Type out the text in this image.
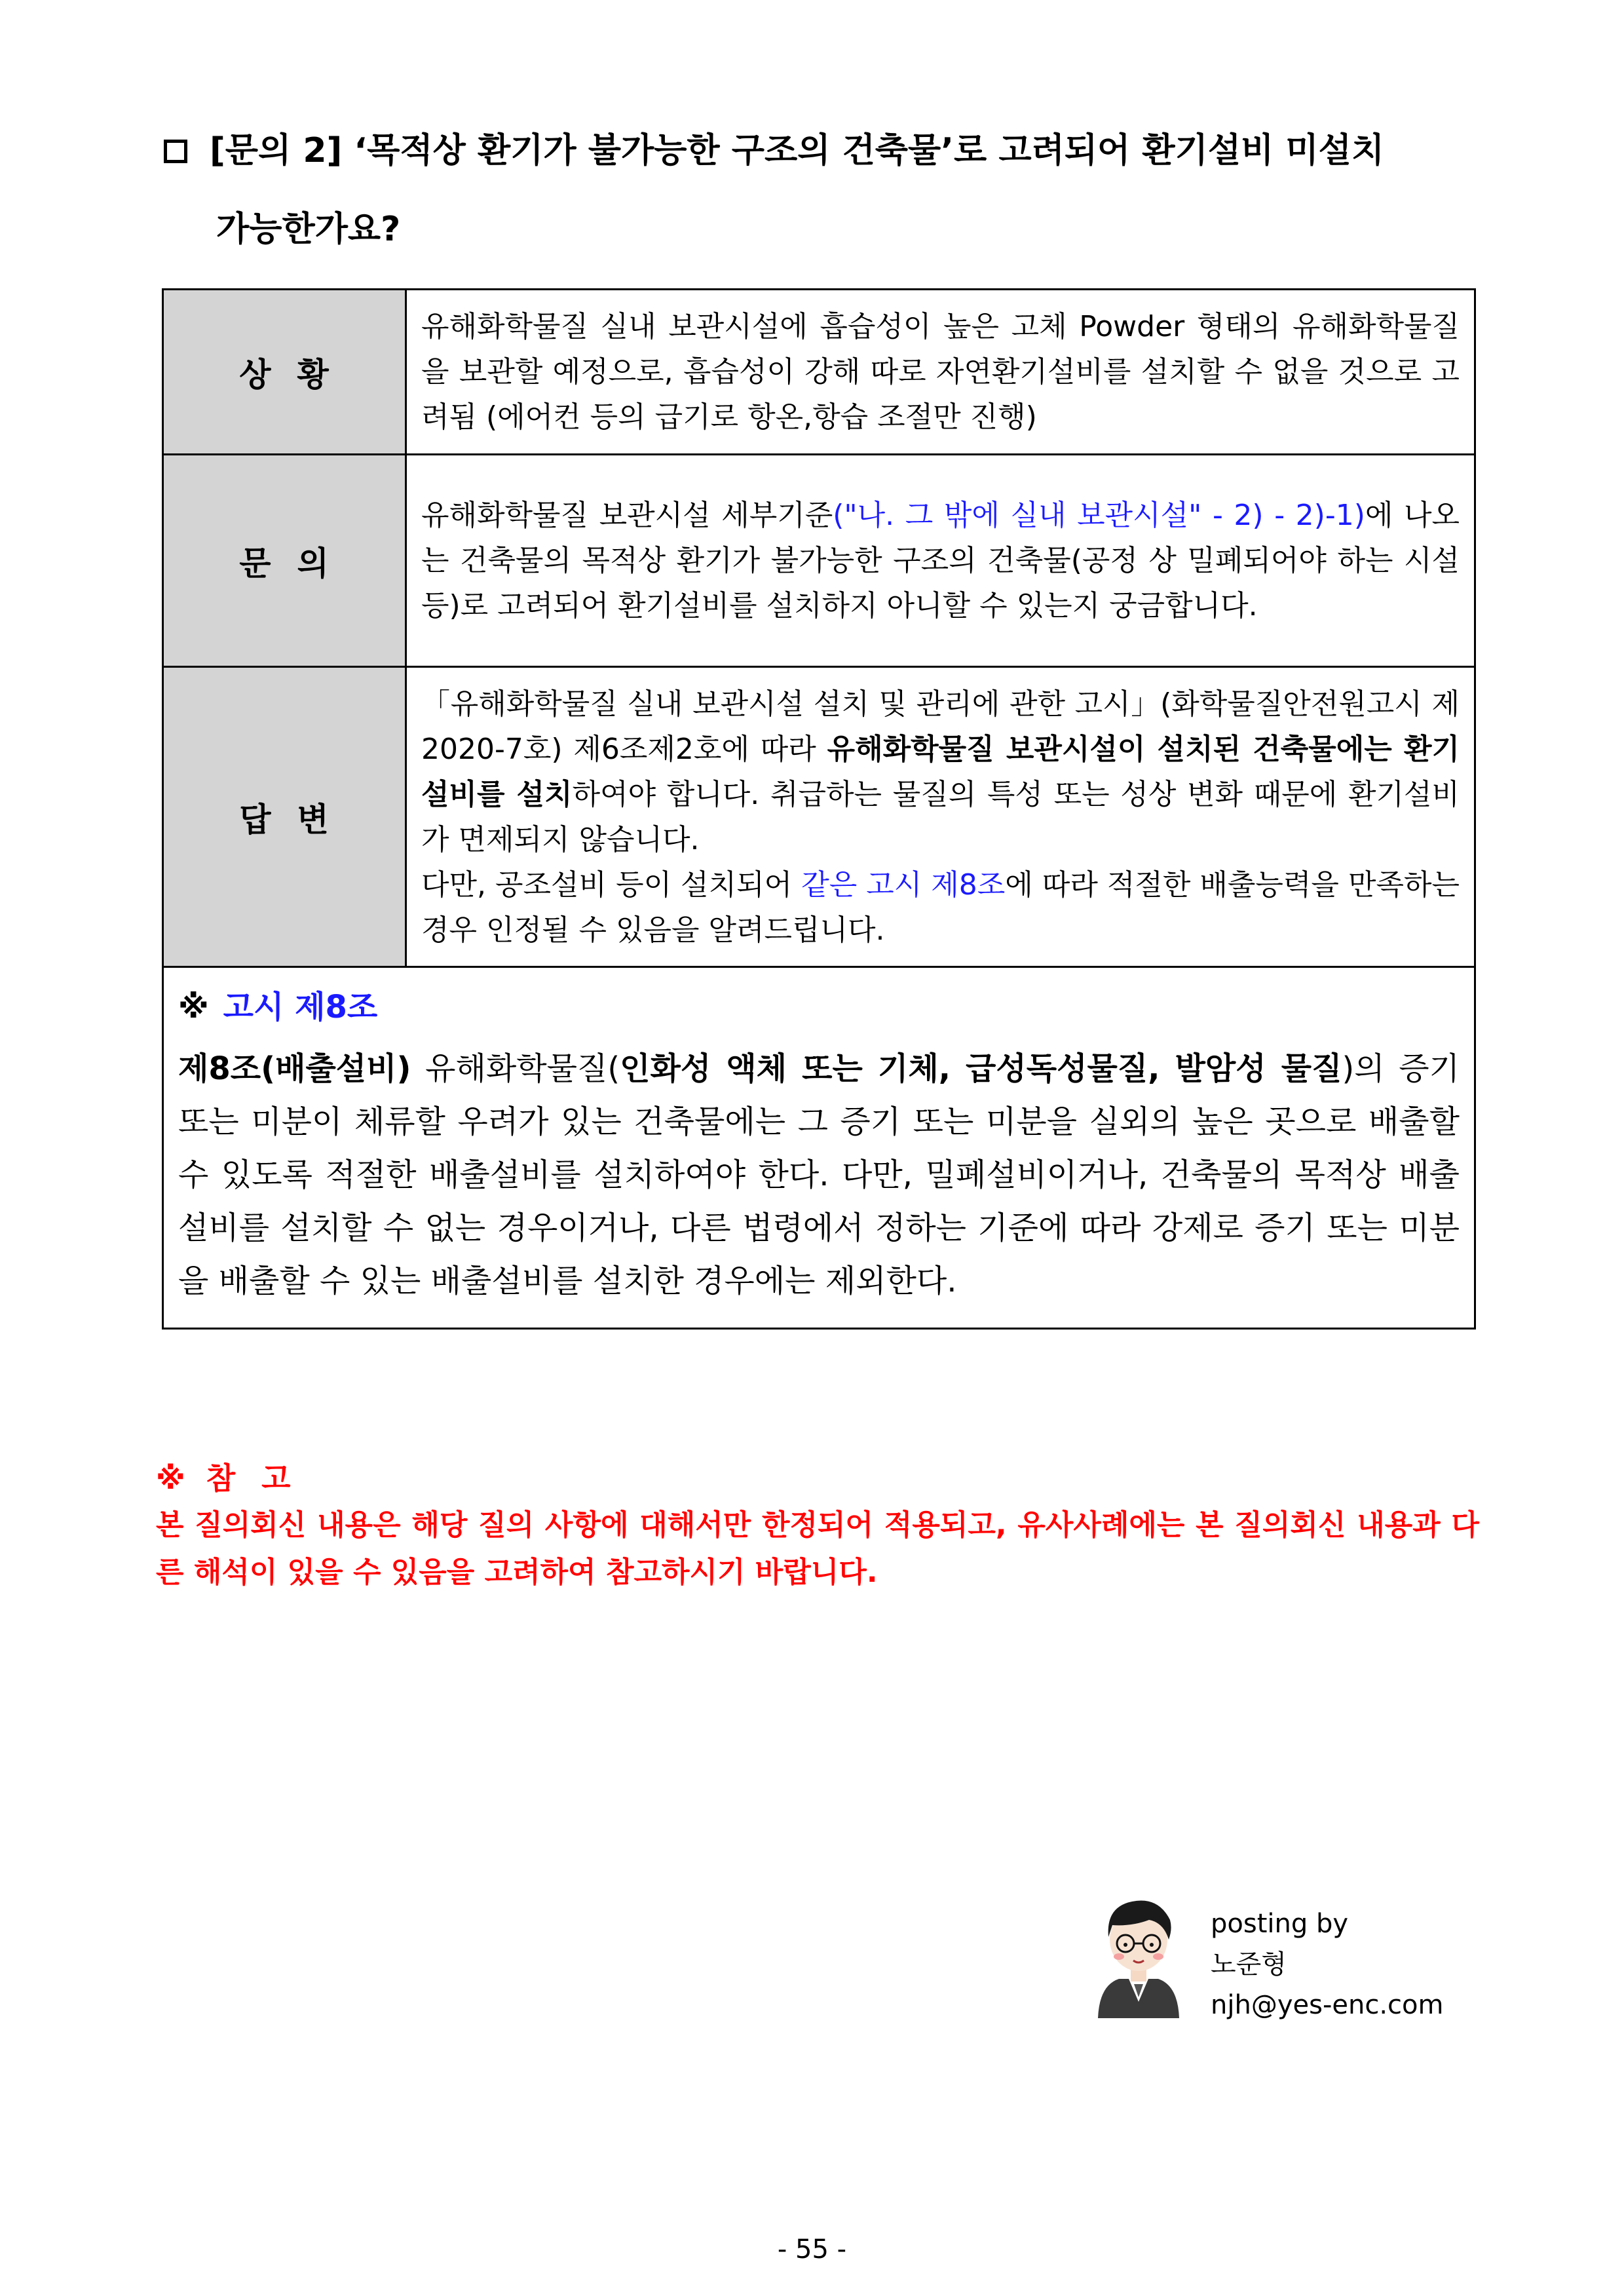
[문의 2] ‘목적상 환기가 불가능한 구조의 건축물’로 고려되어 환기설비 미설치
가능한가요?
상황	유해화학물질 실내 보관시설에 흡습성이 높은 고체 Powder 형태의 유해화학물질을 보관할 예정으로, 흡습성이 강해 따로 자연환기설비를 설치할 수 없을 것으로 고려됨 (에어컨 등의 급기로 항온,항습 조절만 진행)
문의	유해화학물질 보관시설 세부기준("나. 그 밖에 실내 보관시설" - 2) - 2)-1)에 나오는 건축물의 목적상 환기가 불가능한 구조의 건축물(공정 상 밀폐되어야 하는 시설 등)로 고려되어 환기설비를 설치하지 아니할 수 있는지 궁금합니다.
답변	「유해화학물질 실내 보관시설 설치 및 관리에 관한 고시」(화학물질안전원고시 제2020-7호) 제6조제2호에 따라 유해화학물질 보관시설이 설치된 건축물에는 환기설비를 설치하여야 합니다. 취급하는 물질의 특성 또는 성상 변화 때문에 환기설비가 면제되지 않습니다.
다만, 공조설비 등이 설치되어 같은 고시 제8조에 따라 적절한 배출능력을 만족하는 경우 인정될 수 있음을 알려드립니다.

※ 고시 제8조
제8조(배출설비) 유해화학물질(인화성 액체 또는 기체, 급성독성물질, 발암성 물질)의 증기 또는 미분이 체류할 우려가 있는 건축물에는 그 증기 또는 미분을 실외의 높은 곳으로 배출할 수 있도록 적절한 배출설비를 설치하여야 한다. 다만, 밀폐설비이거나, 건축물의 목적상 배출설비를 설치할 수 없는 경우이거나, 다른 법령에서 정하는 기준에 따라 강제로 증기 또는 미분을 배출할 수 있는 배출설비를 설치한 경우에는 제외한다.	
※ 참고
본 질의회신 내용은 해당 질의 사항에 대해서만 한정되어 적용되고, 유사사례에는 본 질의회신 내용과 다른 해석이 있을 수 있음을 고려하여 참고하시기 바랍니다.
posting by
노준형
njh@yes-enc.com
- 55 -
